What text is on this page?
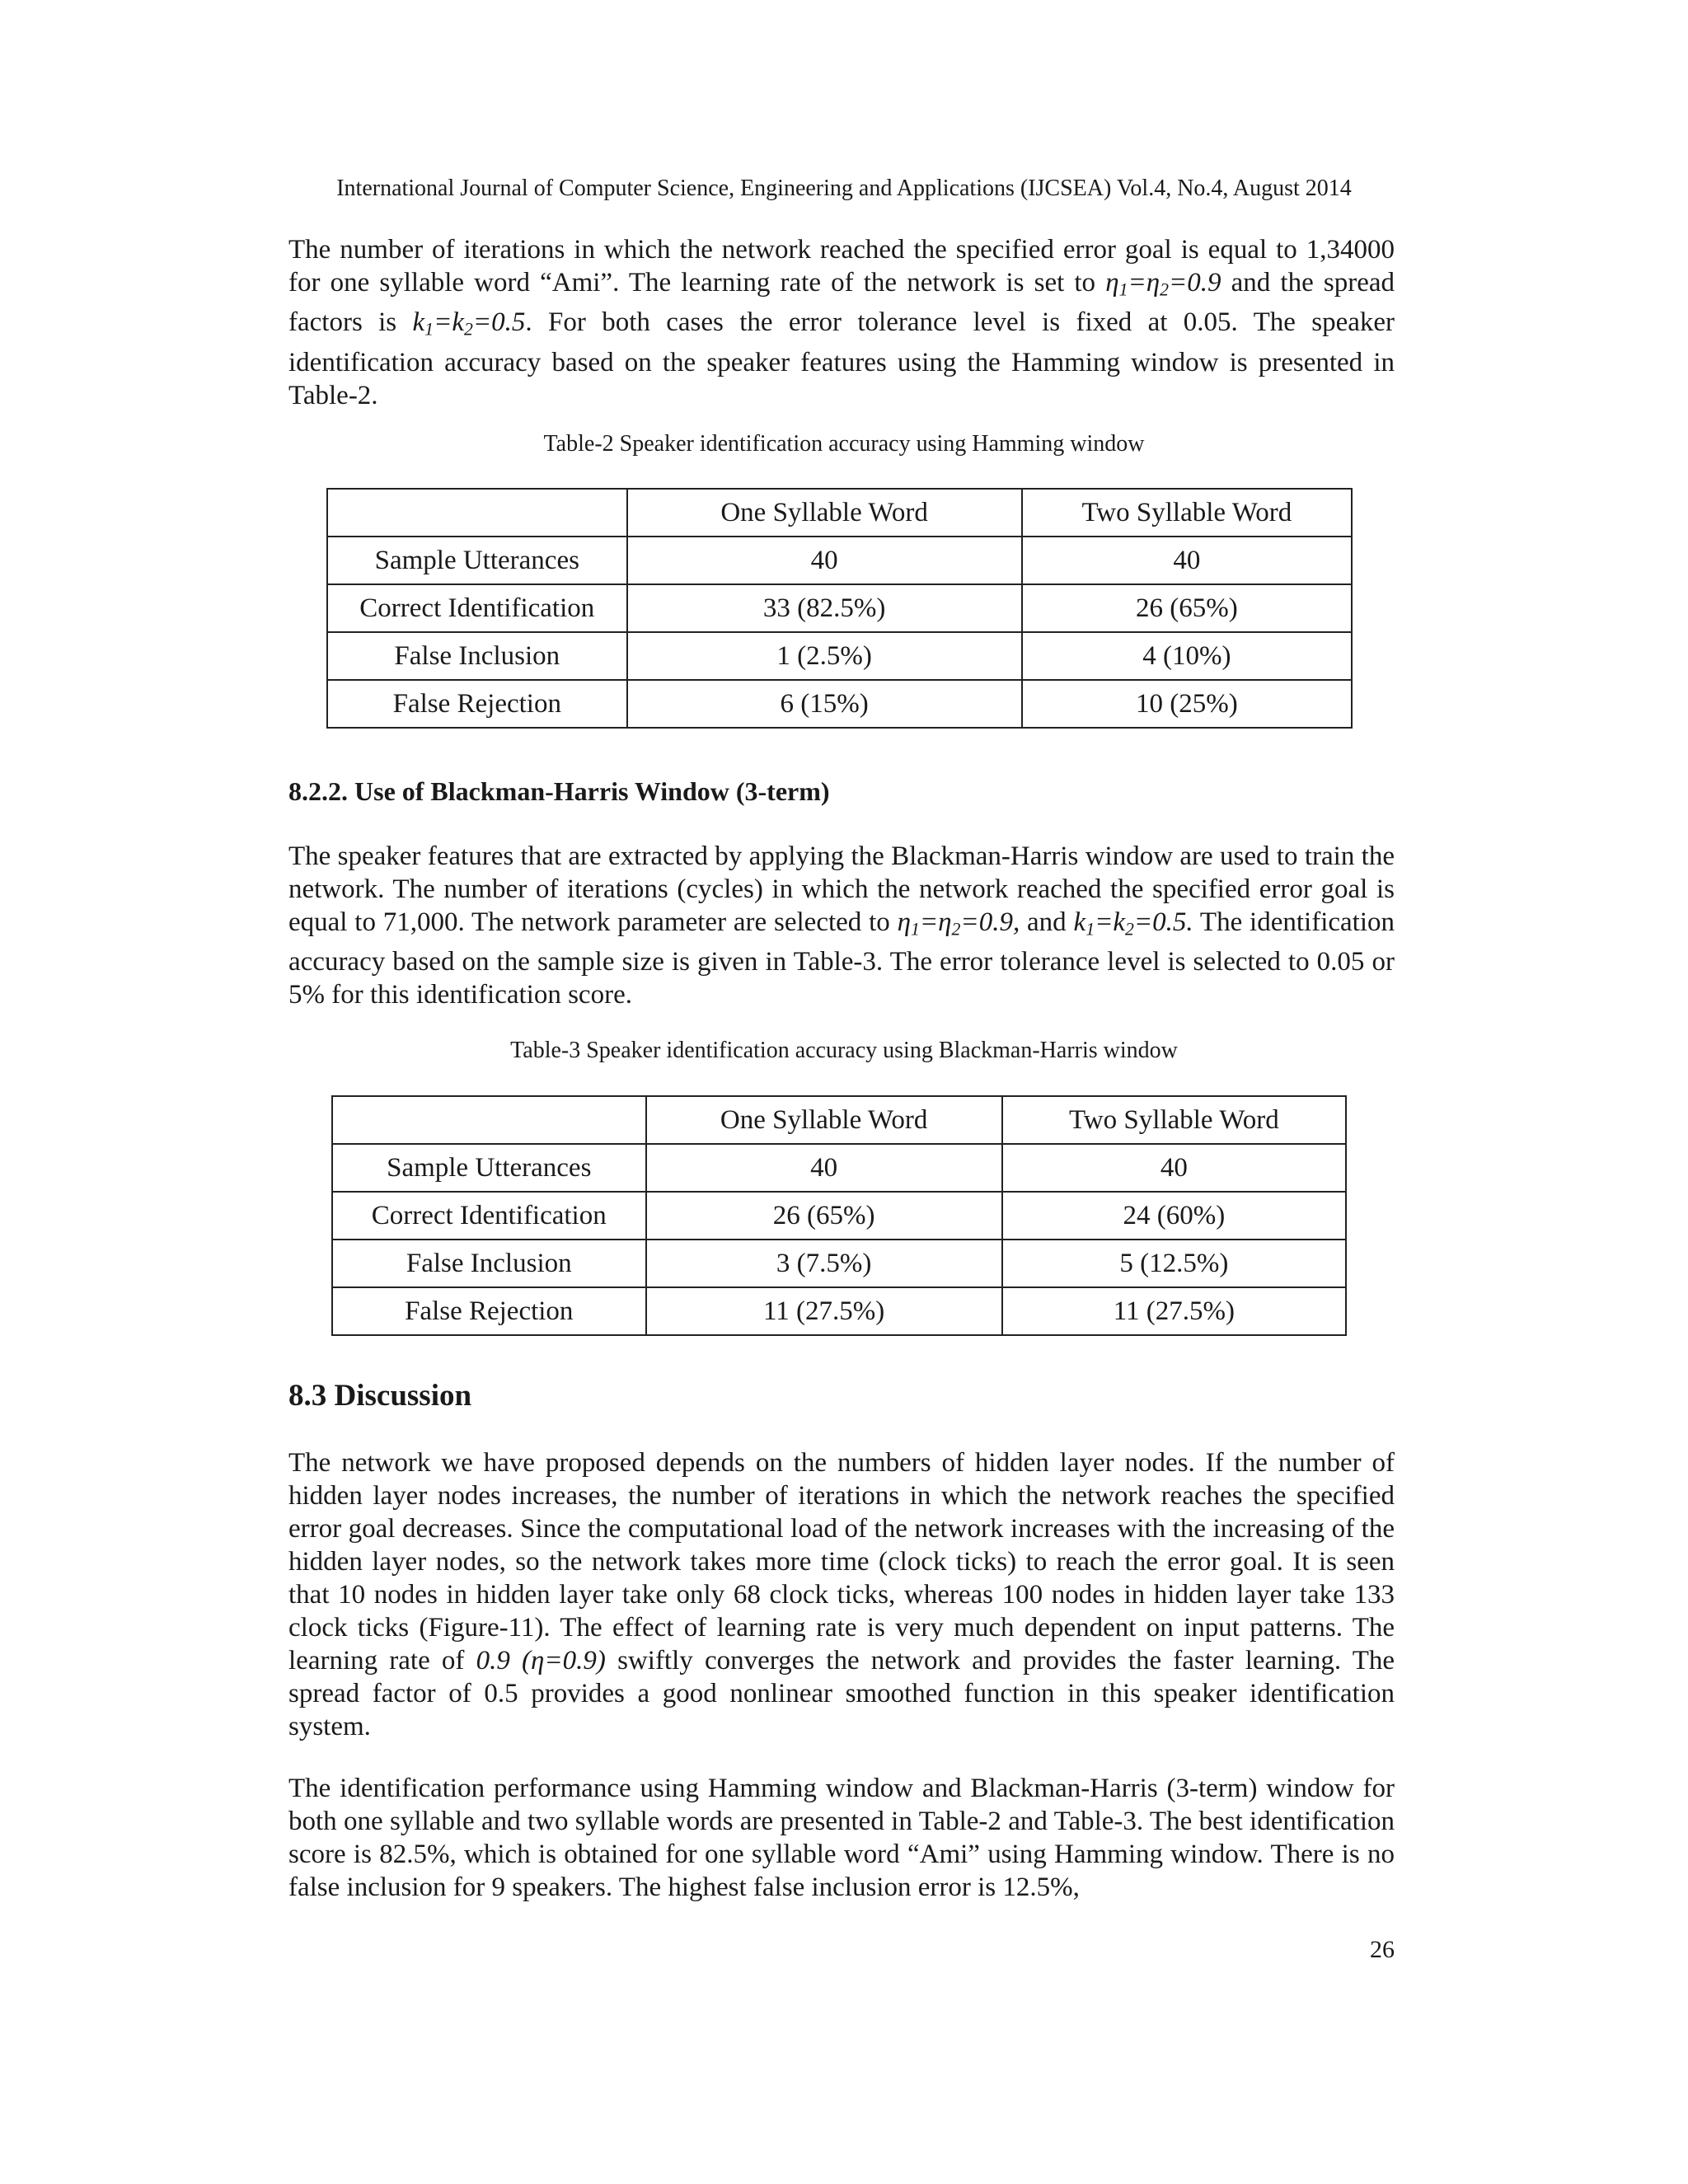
International Journal of Computer Science, Engineering and Applications (IJCSEA) Vol.4, No.4, August 2014

The number of iterations in which the network reached the specified error goal is equal to 1,34000 for one syllable word “Ami”. The learning rate of the network is set to $\eta_1=\eta_2=0.9$ and the spread factors is $k_1=k_2=0.5$. For both cases the error tolerance level is fixed at 0.05. The speaker identification accuracy based on the speaker features using the Hamming window is presented in Table-2.

Table-2 Speaker identification accuracy using Hamming window
	One Syllable Word	Two Syllable Word
Sample Utterances	40	40
Correct Identification	33 (82.5%)	26 (65%)
False Inclusion	1 (2.5%)	4 (10%)
False Rejection	6 (15%)	10 (25%)
8.2.2. Use of Blackman-Harris Window (3-term)

The speaker features that are extracted by applying the Blackman-Harris window are used to train the network. The number of iterations (cycles) in which the network reached the specified error goal is equal to 71,000. The network parameter are selected to $\eta_1=\eta_2=0.9$, and $k_1=k_2=0.5$. The identification accuracy based on the sample size is given in Table-3. The error tolerance level is selected to 0.05 or 5% for this identification score.

Table-3 Speaker identification accuracy using Blackman-Harris window
	One Syllable Word	Two Syllable Word
Sample Utterances	40	40
Correct Identification	26 (65%)	24 (60%)
False Inclusion	3 (7.5%)	5 (12.5%)
False Rejection	11 (27.5%)	11 (27.5%)
8.3 Discussion

The network we have proposed depends on the numbers of hidden layer nodes. If the number of hidden layer nodes increases, the number of iterations in which the network reaches the specified error goal decreases. Since the computational load of the network increases with the increasing of the hidden layer nodes, so the network takes more time (clock ticks) to reach the error goal. It is seen that 10 nodes in hidden layer take only 68 clock ticks, whereas 100 nodes in hidden layer take 133 clock ticks (Figure-11). The effect of learning rate is very much dependent on input patterns. The learning rate of 0.9 (η=0.9) swiftly converges the network and provides the faster learning. The spread factor of 0.5 provides a good nonlinear smoothed function in this speaker identification system.

The identification performance using Hamming window and Blackman-Harris (3-term) window for both one syllable and two syllable words are presented in Table-2 and Table-3. The best identification score is 82.5%, which is obtained for one syllable word “Ami” using Hamming window. There is no false inclusion for 9 speakers. The highest false inclusion error is 12.5%,

26
